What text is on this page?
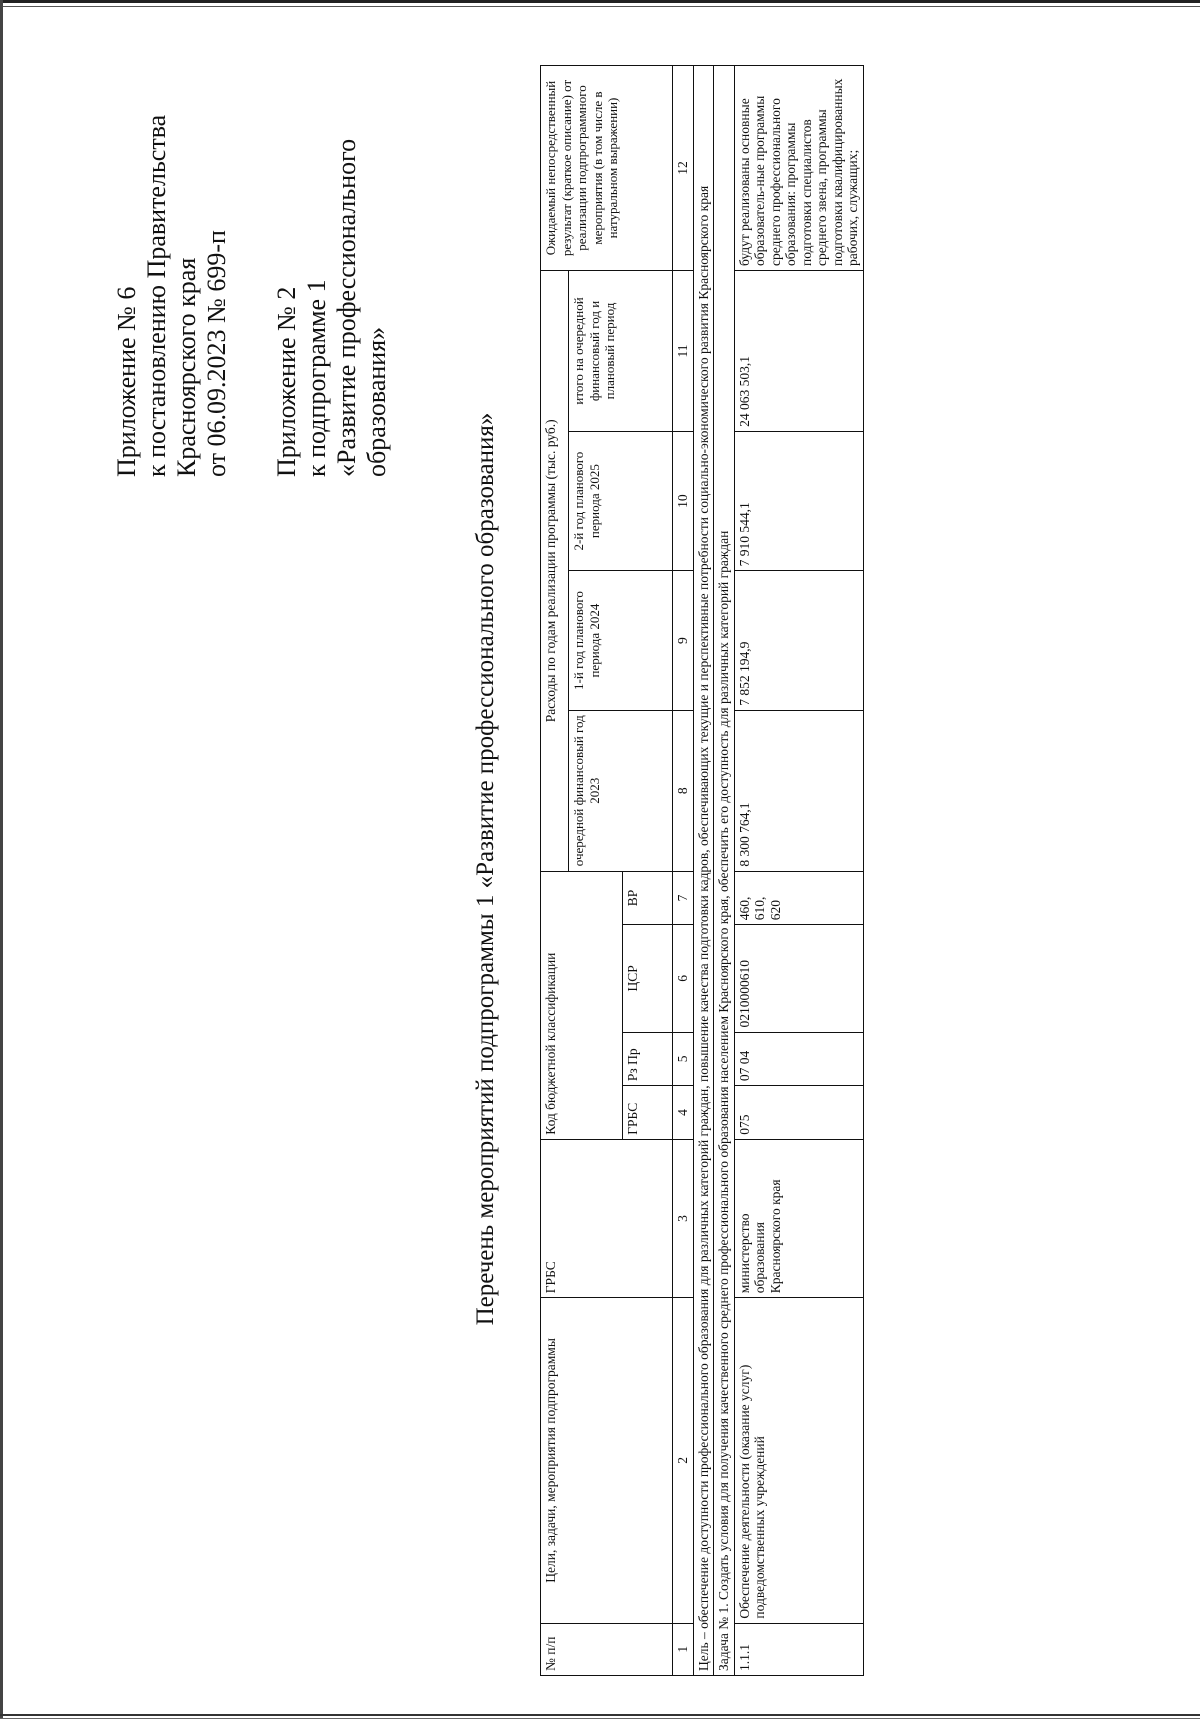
Приложение № 6 к постановлению Правительства Красноярского края от 06.09.2023 № 699-п Приложение № 2 к подпрограмме 1 «Развитие профессионального образования»
Перечень мероприятий подпрограммы 1 «Развитие профессионального образования»
№ п/п	Цели, задачи, мероприятия подпрограммы	ГРБС	Код бюджетной классификации				Расходы по годам реализации программы (тыс. руб.)				Ожидаемый непосредственный результат (краткое описание) от реализации подпрограммного мероприятия (в том числе в натуральном выражении)
							очередной финансовый год 2023	1-й год планового периода 2024	2-й год планового периода 2025	итого на очередной финансовый год и плановый период	
			ГРБС	Рз Пр	ЦСР	ВР					
1	2	3	4	5	6	7	8	9	10	11	12
Цель – обеспечение доступности профессионального образования для различных категорий граждан, повышение качества подготовки кадров, обеспечивающих текущие и перспективные потребности социально-экономического развития Красноярского края											
Задача № 1. Создать условия для получения качественного среднего профессионального образования населением Красноярского края, обеспечить его доступность для различных категорий граждан											
1.1.1	Обеспечение деятельности (оказание услуг) подведомственных учреждений	министерство образования Красноярского края	075	07 04	0210000610	460, 610, 620	8 300 764,1	7 852 194,9	7 910 544,1	24 063 503,1	будут реализованы основные образователь-ные программы среднего профессионального образования: программы подготовки специалистов среднего звена, программы подготовки квалифицированных рабочих, служащих;
